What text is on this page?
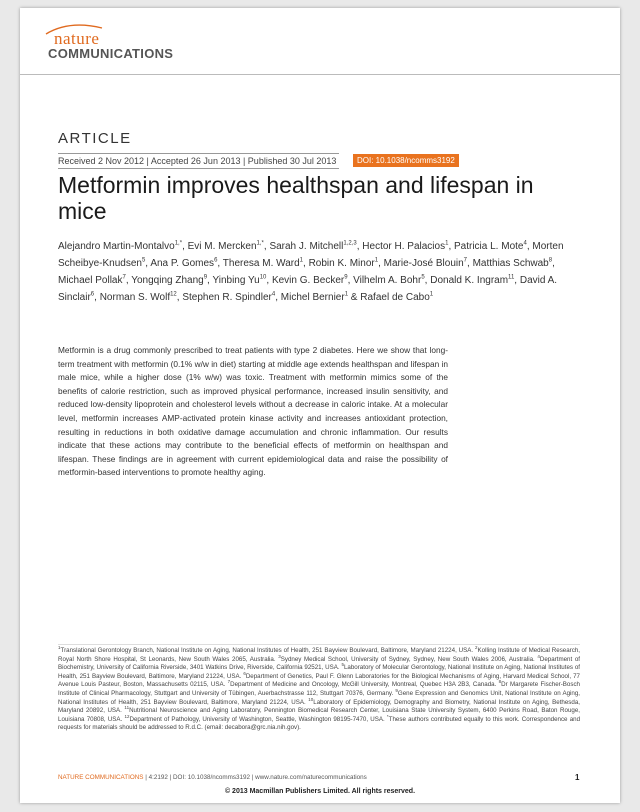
nature
COMMUNICATIONS
ARTICLE
Received 2 Nov 2012 | Accepted 26 Jun 2013 | Published 30 Jul 2013	DOI: 10.1038/ncomms3192
Metformin improves healthspan and lifespan in mice

Alejandro Martin-Montalvo$^{1,*}$, Evi M. Mercken$^{1,*}$, Sarah J. Mitchell$^{1,2,3}$, Hector H. Palacios$^1$, Patricia L. Mote$^4$, Morten Scheibye-Knudsen$^5$, Ana P. Gomes$^6$, Theresa M. Ward$^1$, Robin K. Minor$^1$, Marie-José Blouin$^7$, Matthias Schwab$^8$, Michael Pollak$^7$, Yongqing Zhang$^9$, Yinbing Yu$^{10}$, Kevin G. Becker$^9$, Vilhelm A. Bohr$^5$, Donald K. Ingram$^{11}$, David A. Sinclair$^6$, Norman S. Wolf$^{12}$, Stephen R. Spindler$^4$, Michel Bernier$^1$ & Rafael de Cabo$^1$

Metformin is a drug commonly prescribed to treat patients with type 2 diabetes. Here we show that long-term treatment with metformin (0.1% w/w in diet) starting at middle age extends healthspan and lifespan in male mice, while a higher dose (1% w/w) was toxic. Treatment with metformin mimics some of the benefits of calorie restriction, such as improved physical performance, increased insulin sensitivity, and reduced low-density lipoprotein and cholesterol levels without a decrease in caloric intake. At a molecular level, metformin increases AMP-activated protein kinase activity and increases antioxidant protection, resulting in reductions in both oxidative damage accumulation and chronic inflammation. Our results indicate that these actions may contribute to the beneficial effects of metformin on healthspan and lifespan. These findings are in agreement with current epidemiological data and raise the possibility of metformin-based interventions to promote healthy aging.

$^1$Translational Gerontology Branch, National Institute on Aging, National Institutes of Health, 251 Bayview Boulevard, Baltimore, Maryland 21224, USA. $^2$Kolling Institute of Medical Research, Royal North Shore Hospital, St Leonards, New South Wales 2065, Australia. $^3$Sydney Medical School, University of Sydney, Sydney, New South Wales 2006, Australia. $^4$Department of Biochemistry, University of California Riverside, 3401 Watkins Drive, Riverside, California 92521, USA. $^5$Laboratory of Molecular Gerontology, National Institute on Aging, National Institutes of Health, 251 Bayview Boulevard, Baltimore, Maryland 21224, USA. $^6$Department of Genetics, Paul F. Glenn Laboratories for the Biological Mechanisms of Aging, Harvard Medical School, 77 Avenue Louis Pasteur, Boston, Massachusetts 02115, USA. $^7$Department of Medicine and Oncology, McGill University, Montreal, Quebec H3A 2B3, Canada. $^8$Dr Margarete Fischer-Bosch Institute of Clinical Pharmacology, Stuttgart and University of Tübingen, Auerbachstrasse 112, Stuttgart 70376, Germany. $^9$Gene Expression and Genomics Unit, National Institute on Aging, National Institutes of Health, 251 Bayview Boulevard, Baltimore, Maryland 21224, USA. $^{10}$Laboratory of Epidemiology, Demography and Biometry, National Institute on Aging, Bethesda, Maryland 20892, USA. $^{11}$Nutritional Neuroscience and Aging Laboratory, Pennington Biomedical Research Center, Louisiana State University System, 6400 Perkins Road, Baton Rouge, Louisiana 70808, USA. $^{12}$Department of Pathology, University of Washington, Seattle, Washington 98195-7470, USA. *These authors contributed equally to this work. Correspondence and requests for materials should be addressed to R.d.C. (email: decabora@grc.nia.nih.gov).

NATURE COMMUNICATIONS | 4:2192 | DOI: 10.1038/ncomms3192 | www.nature.com/naturecommunications	1
© 2013 Macmillan Publishers Limited. All rights reserved.
